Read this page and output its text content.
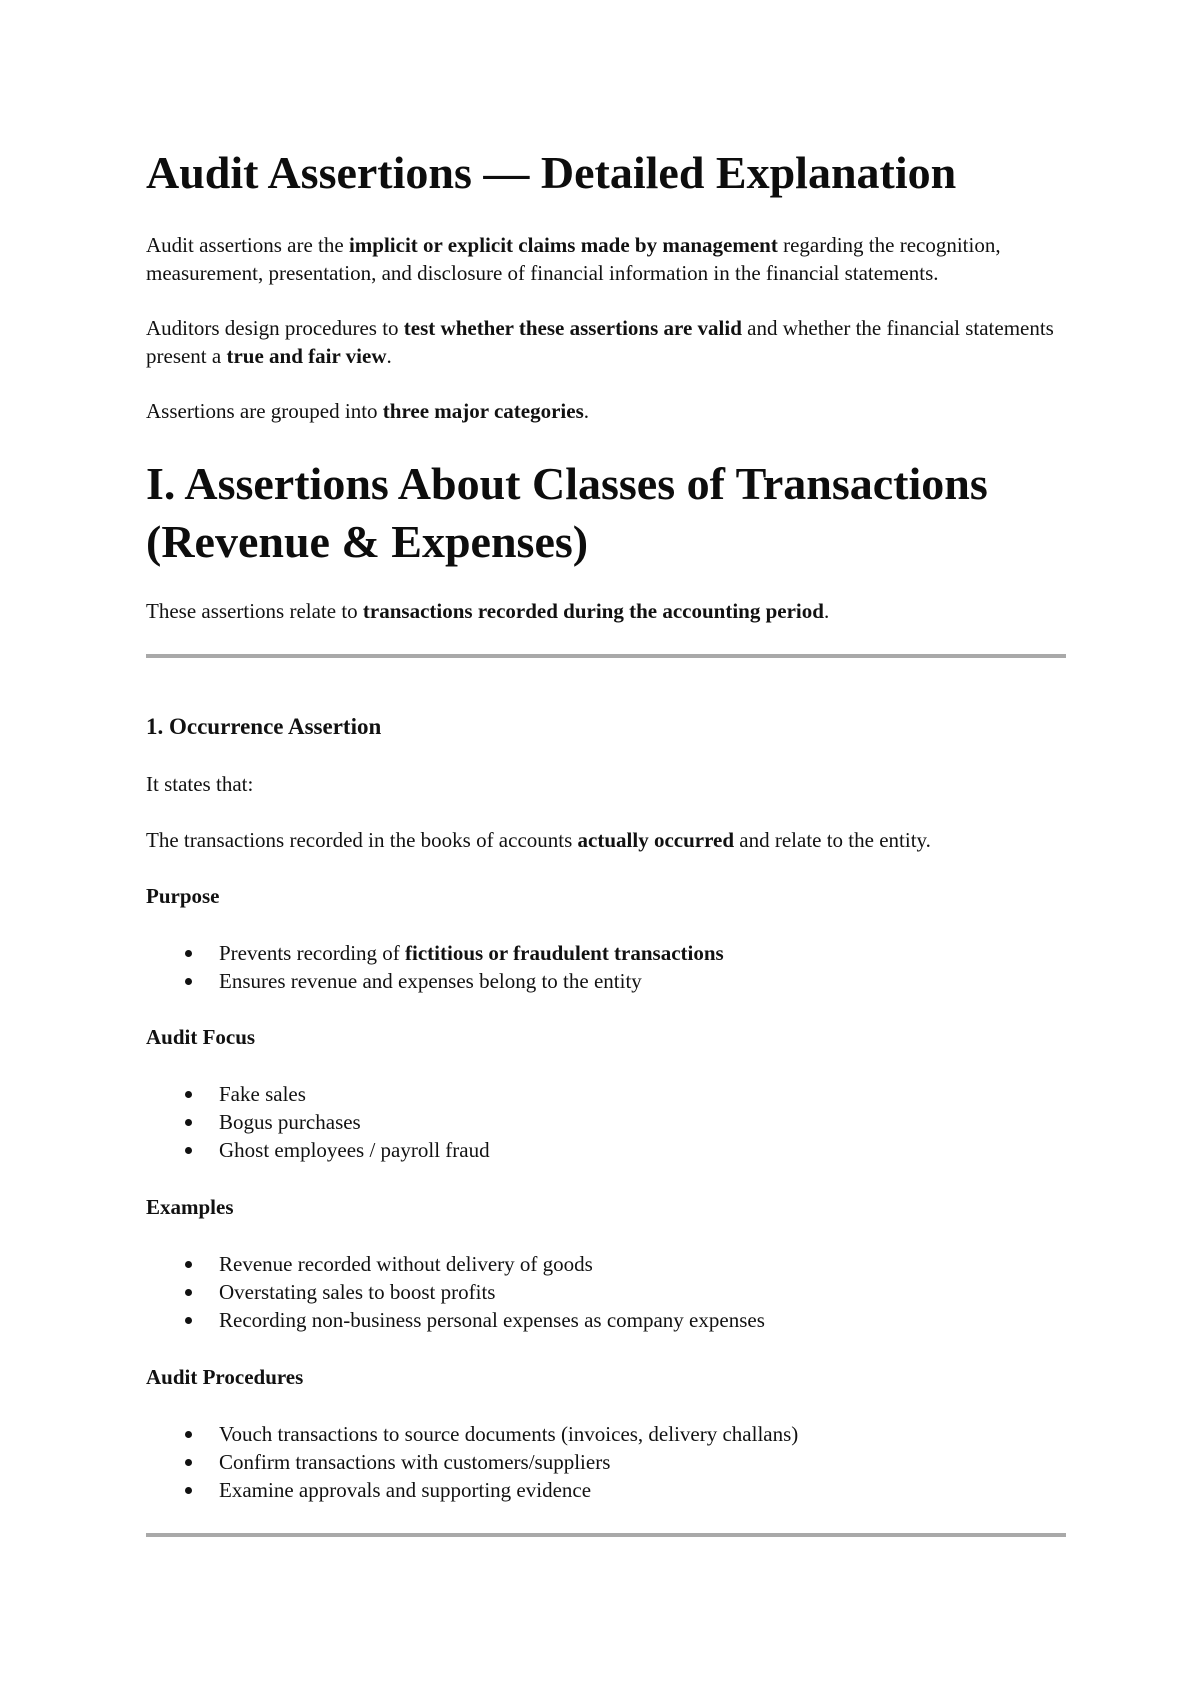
Audit Assertions — Detailed Explanation

Audit assertions are the implicit or explicit claims made by management regarding the recognition, measurement, presentation, and disclosure of financial information in the financial statements.

Auditors design procedures to test whether these assertions are valid and whether the financial statements present a true and fair view.

Assertions are grouped into three major categories.

I. Assertions About Classes of Transactions
(Revenue & Expenses)

These assertions relate to transactions recorded during the accounting period.

1. Occurrence Assertion

It states that:

The transactions recorded in the books of accounts actually occurred and relate to the entity.

Purpose

Prevents recording of fictitious or fraudulent transactions
Ensures revenue and expenses belong to the entity

Audit Focus

Fake sales
Bogus purchases
Ghost employees / payroll fraud

Examples

Revenue recorded without delivery of goods
Overstating sales to boost profits
Recording non-business personal expenses as company expenses

Audit Procedures

Vouch transactions to source documents (invoices, delivery challans)
Confirm transactions with customers/suppliers
Examine approvals and supporting evidence
